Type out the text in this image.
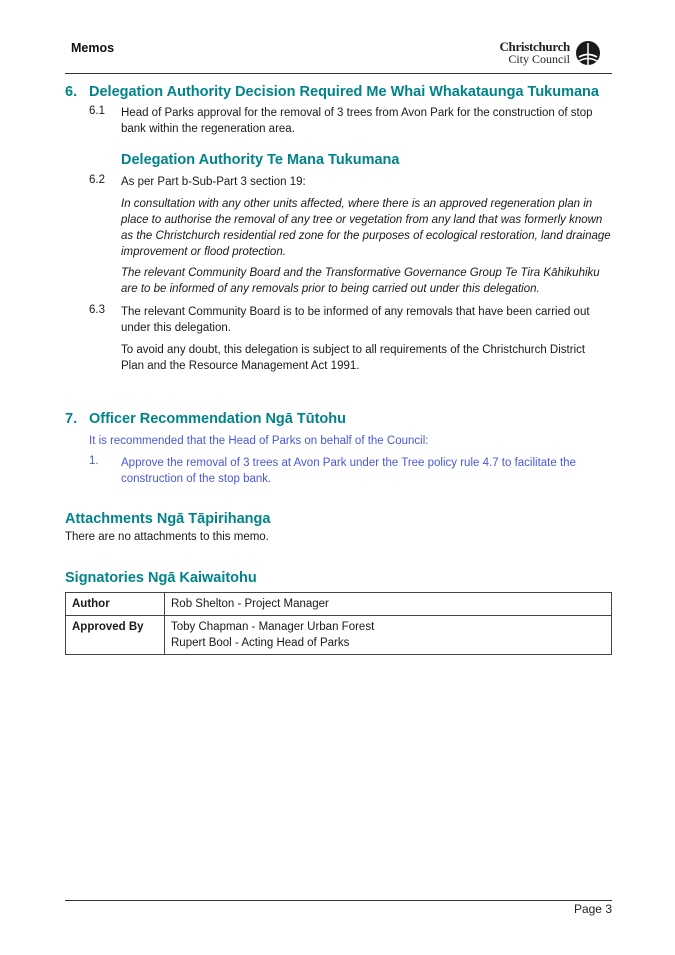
Memos	Christchurch
City Council
6. Delegation Authority Decision Required Me Whai Whakataunga Tukumana
6.1 Head of Parks approval for the removal of 3 trees from Avon Park for the construction of stop bank within the regeneration area.
Delegation Authority Te Mana Tukumana
6.2 As per Part b-Sub-Part 3 section 19:
In consultation with any other units affected, where there is an approved regeneration plan in place to authorise the removal of any tree or vegetation from any land that was formerly known as the Christchurch residential red zone for the purposes of ecological restoration, land drainage improvement or flood protection.
The relevant Community Board and the Transformative Governance Group Te Tira Kāhikuhiku are to be informed of any removals prior to being carried out under this delegation.
6.3 The relevant Community Board is to be informed of any removals that have been carried out under this delegation.
To avoid any doubt, this delegation is subject to all requirements of the Christchurch District Plan and the Resource Management Act 1991.
7. Officer Recommendation Ngā Tūtohu
It is recommended that the Head of Parks on behalf of the Council:
1. Approve the removal of 3 trees at Avon Park under the Tree policy rule 4.7 to facilitate the construction of the stop bank.
Attachments Ngā Tāpirihanga
There are no attachments to this memo.
Signatories Ngā Kaiwaitohu
Author	Rob Shelton - Project Manager
Approved By	Toby Chapman - Manager Urban Forest
Rupert Bool - Acting Head of Parks
Page 3
